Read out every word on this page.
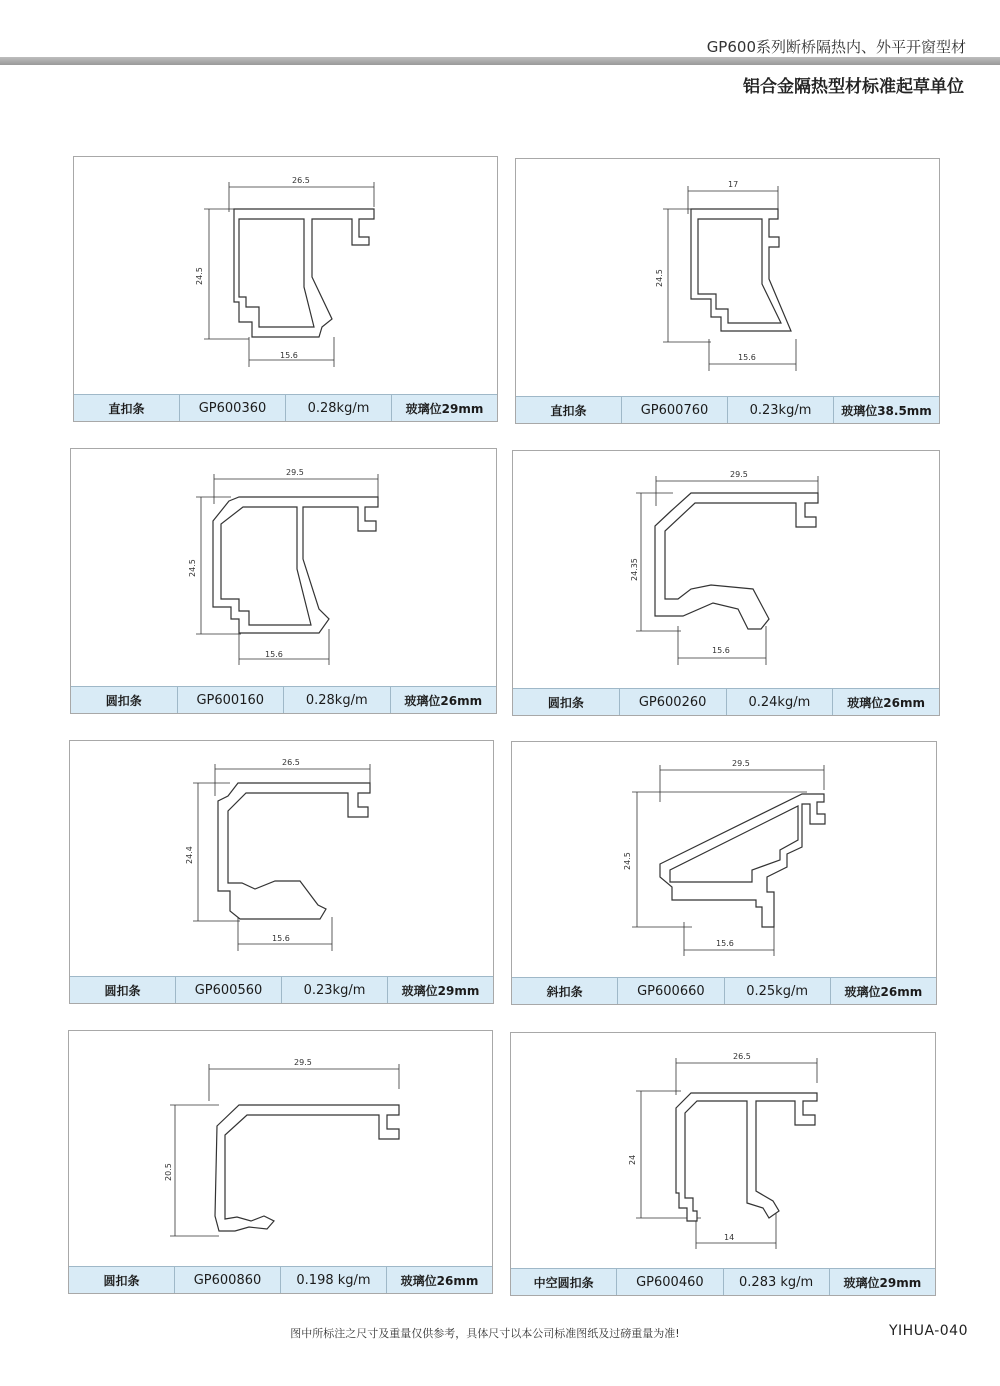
GP600系列断桥隔热内、外平开窗型材
铝合金隔热型材标准起草单位
26.5
24.5
15.6
直扣条	GP600360	0.28kg/m	玻璃位29mm
17
24.5
15.6
直扣条	GP600760	0.23kg/m	玻璃位38.5mm
29.5
24.5
15.6
圆扣条	GP600160	0.28kg/m	玻璃位26mm
29.5
24.35
15.6
圆扣条	GP600260	0.24kg/m	玻璃位26mm
26.5
24.4
15.6
圆扣条	GP600560	0.23kg/m	玻璃位29mm
29.5
24.5
15.6
斜扣条	GP600660	0.25kg/m	玻璃位26mm
29.5
20.5
圆扣条	GP600860	0.198 kg/m	玻璃位26mm
26.5
24
14
中空圆扣条	GP600460	0.283 kg/m	玻璃位29mm
图中所标注之尺寸及重量仅供参考，具体尺寸以本公司标准图纸及过磅重量为准!	YIHUA-040
